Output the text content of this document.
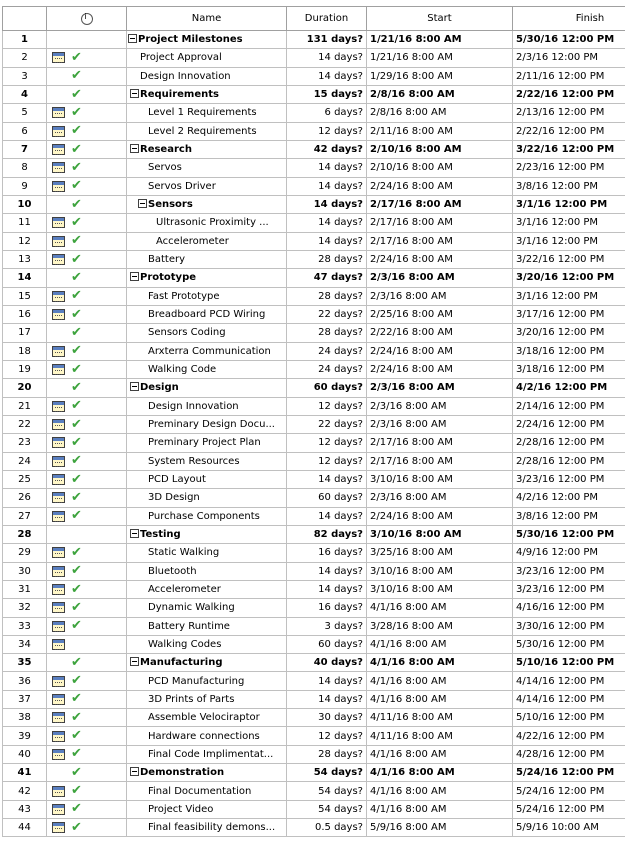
	i	Name	Duration	Start	Finish
1		Project Milestones	131 days?	1/21/16 8:00 AM	5/30/16 12:00 PM
2	✔	Project Approval	14 days?	1/21/16 8:00 AM	2/3/16 12:00 PM
3	✔	Design Innovation	14 days?	1/29/16 8:00 AM	2/11/16 12:00 PM
4	✔	Requirements	15 days?	2/8/16 8:00 AM	2/22/16 12:00 PM
5	✔	Level 1 Requirements	6 days?	2/8/16 8:00 AM	2/13/16 12:00 PM
6	✔	Level 2 Requirements	12 days?	2/11/16 8:00 AM	2/22/16 12:00 PM
7	✔	Research	42 days?	2/10/16 8:00 AM	3/22/16 12:00 PM
8	✔	Servos	14 days?	2/10/16 8:00 AM	2/23/16 12:00 PM
9	✔	Servos Driver	14 days?	2/24/16 8:00 AM	3/8/16 12:00 PM
10	✔	Sensors	14 days?	2/17/16 8:00 AM	3/1/16 12:00 PM
11	✔	Ultrasonic Proximity ...	14 days?	2/17/16 8:00 AM	3/1/16 12:00 PM
12	✔	Accelerometer	14 days?	2/17/16 8:00 AM	3/1/16 12:00 PM
13	✔	Battery	28 days?	2/24/16 8:00 AM	3/22/16 12:00 PM
14	✔	Prototype	47 days?	2/3/16 8:00 AM	3/20/16 12:00 PM
15	✔	Fast Prototype	28 days?	2/3/16 8:00 AM	3/1/16 12:00 PM
16	✔	Breadboard PCD Wiring	22 days?	2/25/16 8:00 AM	3/17/16 12:00 PM
17	✔	Sensors Coding	28 days?	2/22/16 8:00 AM	3/20/16 12:00 PM
18	✔	Arxterra Communication	24 days?	2/24/16 8:00 AM	3/18/16 12:00 PM
19	✔	Walking Code	24 days?	2/24/16 8:00 AM	3/18/16 12:00 PM
20	✔	Design	60 days?	2/3/16 8:00 AM	4/2/16 12:00 PM
21	✔	Design Innovation	12 days?	2/3/16 8:00 AM	2/14/16 12:00 PM
22	✔	Preminary Design Docu...	22 days?	2/3/16 8:00 AM	2/24/16 12:00 PM
23	✔	Preminary Project Plan	12 days?	2/17/16 8:00 AM	2/28/16 12:00 PM
24	✔	System Resources	12 days?	2/17/16 8:00 AM	2/28/16 12:00 PM
25	✔	PCD Layout	14 days?	3/10/16 8:00 AM	3/23/16 12:00 PM
26	✔	3D Design	60 days?	2/3/16 8:00 AM	4/2/16 12:00 PM
27	✔	Purchase Components	14 days?	2/24/16 8:00 AM	3/8/16 12:00 PM
28		Testing	82 days?	3/10/16 8:00 AM	5/30/16 12:00 PM
29	✔	Static Walking	16 days?	3/25/16 8:00 AM	4/9/16 12:00 PM
30	✔	Bluetooth	14 days?	3/10/16 8:00 AM	3/23/16 12:00 PM
31	✔	Accelerometer	14 days?	3/10/16 8:00 AM	3/23/16 12:00 PM
32	✔	Dynamic Walking	16 days?	4/1/16 8:00 AM	4/16/16 12:00 PM
33	✔	Battery Runtime	3 days?	3/28/16 8:00 AM	3/30/16 12:00 PM
34		Walking Codes	60 days?	4/1/16 8:00 AM	5/30/16 12:00 PM
35	✔	Manufacturing	40 days?	4/1/16 8:00 AM	5/10/16 12:00 PM
36	✔	PCD Manufacturing	14 days?	4/1/16 8:00 AM	4/14/16 12:00 PM
37	✔	3D Prints of Parts	14 days?	4/1/16 8:00 AM	4/14/16 12:00 PM
38	✔	Assemble Velociraptor	30 days?	4/11/16 8:00 AM	5/10/16 12:00 PM
39	✔	Hardware connections	12 days?	4/11/16 8:00 AM	4/22/16 12:00 PM
40	✔	Final Code Implimentat...	28 days?	4/1/16 8:00 AM	4/28/16 12:00 PM
41	✔	Demonstration	54 days?	4/1/16 8:00 AM	5/24/16 12:00 PM
42	✔	Final Documentation	54 days?	4/1/16 8:00 AM	5/24/16 12:00 PM
43	✔	Project Video	54 days?	4/1/16 8:00 AM	5/24/16 12:00 PM
44	✔	Final feasibility demons...	0.5 days?	5/9/16 8:00 AM	5/9/16 10:00 AM
